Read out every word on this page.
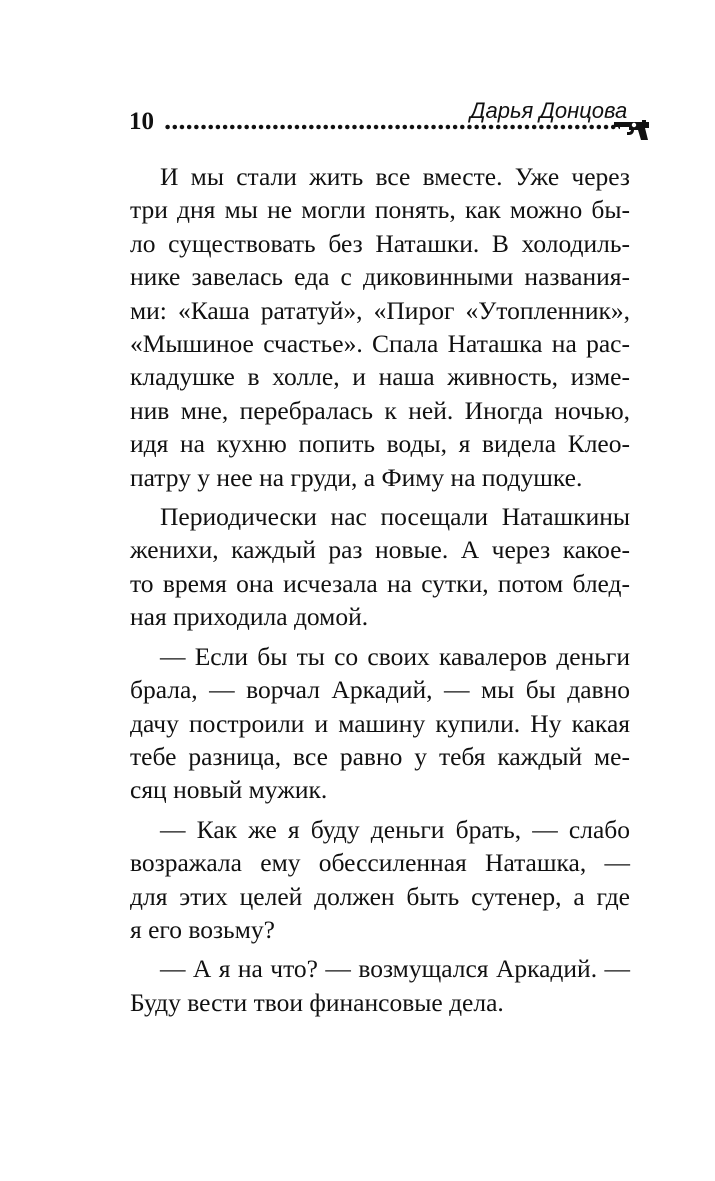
10	Дарья Донцова
И мы стали жить все вместе. Уже через
три дня мы не могли понять, как можно бы-
ло существовать без Наташки. В холодиль-
нике завелась еда с диковинными названия-
ми: «Каша рататуй», «Пирог «Утопленник»,
«Мышиное счастье». Спала Наташка на рас-
кладушке в холле, и наша живность, изме-
нив мне, перебралась к ней. Иногда ночью,
идя на кухню попить воды, я видела Клео-
патру у нее на груди, а Фиму на подушке.
Периодически нас посещали Наташкины
женихи, каждый раз новые. А через какое-
то время она исчезала на сутки, потом блед-
ная приходила домой.
— Если бы ты со своих кавалеров деньги
брала, — ворчал Аркадий, — мы бы давно
дачу построили и машину купили. Ну какая
тебе разница, все равно у тебя каждый ме-
сяц новый мужик.
— Как же я буду деньги брать, — слабо
возражала ему обессиленная Наташка, —
для этих целей должен быть сутенер, а где
я его возьму?
— А я на что? — возмущался Аркадий. —
Буду вести твои финансовые дела.
